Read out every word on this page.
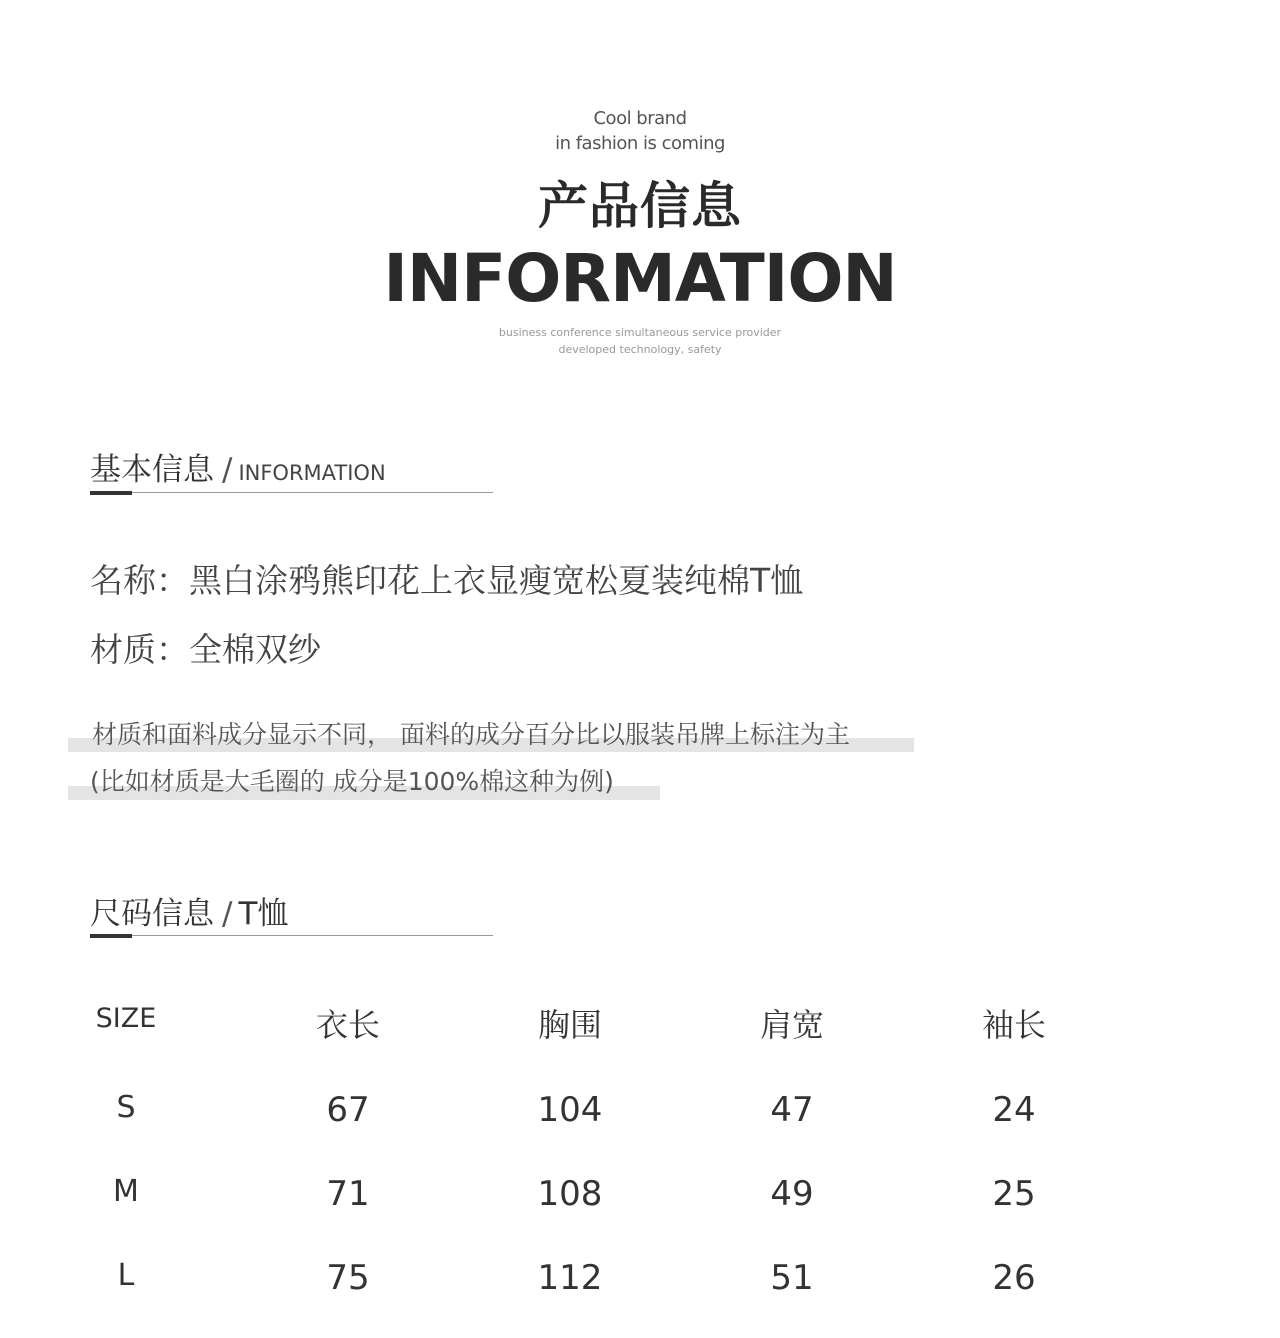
Cool brand
in fashion is coming
产品信息
INFORMATION
business conference simultaneous service provider
developed technology, safety
基本信息 / INFORMATION
名称：黑白涂鸦熊印花上衣显瘦宽松夏装纯棉T恤
材质：全棉双纱
材质和面料成分显示不同， 面料的成分百分比以服装吊牌上标注为主
(比如材质是大毛圈的 成分是100%棉这种为例)
尺码信息 / T恤
SIZE	衣长	胸围	肩宽	袖长
S	67	104	47	24
M	71	108	49	25
L	75	112	51	26
